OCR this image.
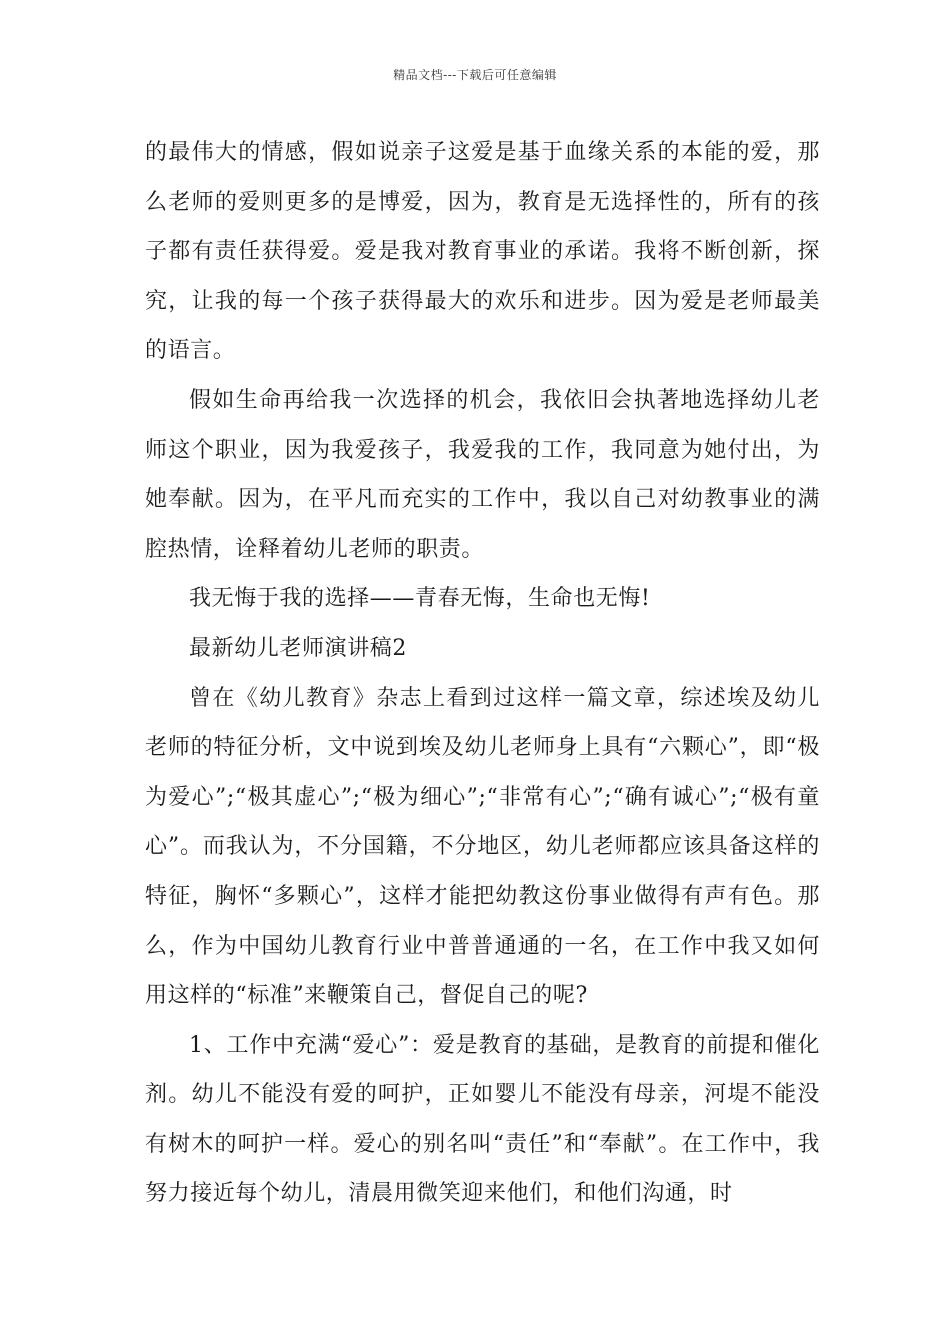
精品文档---下载后可任意编辑

的最伟大的情感，假如说亲子这爱是基于血缘关系的本能的爱，那么老师的爱则更多的是博爱，因为，教育是无选择性的，所有的孩子都有责任获得爱。爱是我对教育事业的承诺。我将不断创新，探究，让我的每一个孩子获得最大的欢乐和进步。因为爱是老师最美的语言。

假如生命再给我一次选择的机会，我依旧会执著地选择幼儿老师这个职业，因为我爱孩子，我爱我的工作，我同意为她付出，为她奉献。因为，在平凡而充实的工作中，我以自己对幼教事业的满腔热情，诠释着幼儿老师的职责。

我无悔于我的选择——青春无悔，生命也无悔!

最新幼儿老师演讲稿2

曾在《幼儿教育》杂志上看到过这样一篇文章，综述埃及幼儿老师的特征分析，文中说到埃及幼儿老师身上具有“六颗心”，即“极为爱心”;“极其虚心”;“极为细心”;“非常有心”;“确有诚心”;“极有童心”。而我认为，不分国籍，不分地区，幼儿老师都应该具备这样的特征，胸怀“多颗心”，这样才能把幼教这份事业做得有声有色。那么，作为中国幼儿教育行业中普普通通的一名，在工作中我又如何用这样的“标准”来鞭策自己，督促自己的呢?

1、工作中充满“爱心”：爱是教育的基础，是教育的前提和催化剂。幼儿不能没有爱的呵护，正如婴儿不能没有母亲，河堤不能没有树木的呵护一样。爱心的别名叫“责任”和“奉献”。在工作中，我努力接近每个幼儿，清晨用微笑迎来他们，和他们沟通，时
